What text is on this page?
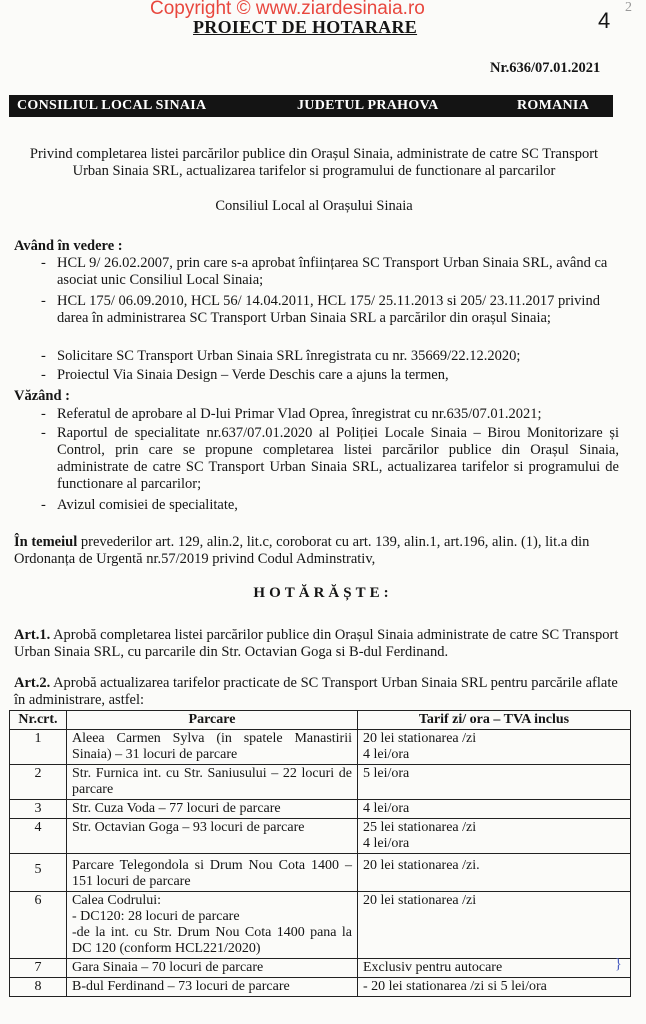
Copyright © www.ziardesinaia.ro	4
2
PROIECT DE HOTARARE
Nr.636/07.01.2021
CONSILIUL LOCAL SINAIA	JUDETUL PRAHOVA	ROMANIA
Privind completarea listei parcărilor publice din Orașul Sinaia, administrate de catre SC Transport Urban Sinaia SRL, actualizarea tarifelor si programului de functionare al parcarilor
Consiliul Local al Orașului Sinaia
Având în vedere :
- HCL 9/ 26.02.2007, prin care s-a aprobat înființarea SC Transport Urban Sinaia SRL, având ca asociat unic Consiliul Local Sinaia;
- HCL 175/ 06.09.2010, HCL 56/ 14.04.2011, HCL 175/ 25.11.2013 si 205/ 23.11.2017 privind darea în administrarea SC Transport Urban Sinaia SRL a parcărilor din orașul Sinaia;
- Solicitare SC Transport Urban Sinaia SRL înregistrata cu nr. 35669/22.12.2020;
- Proiectul Via Sinaia Design – Verde Deschis care a ajuns la termen,
Văzând :
- Referatul de aprobare al D-lui Primar Vlad Oprea, înregistrat cu nr.635/07.01.2021;
- Raportul de specialitate nr.637/07.01.2020 al Poliției Locale Sinaia – Birou Monitorizare și Control, prin care se propune completarea listei parcărilor publice din Orașul Sinaia, administrate de catre SC Transport Urban Sinaia SRL, actualizarea tarifelor si programului de functionare al parcarilor;
- Avizul comisiei de specialitate,
În temeiul prevederilor art. 129, alin.2, lit.c, coroborat cu art. 139, alin.1, art.196, alin. (1), lit.a din Ordonanța de Urgentă nr.57/2019 privind Codul Adminstrativ,
HOTĂRĂȘTE:
Art.1. Aprobă completarea listei parcărilor publice din Orașul Sinaia administrate de catre SC Transport Urban Sinaia SRL, cu parcarile din Str. Octavian Goga si B-dul Ferdinand.
Art.2. Aprobă actualizarea tarifelor practicate de SC Transport Urban Sinaia SRL pentru parcările aflate în administrare, astfel:
Nr.crt.	Parcare	Tarif zi/ ora – TVA inclus
1	Aleea Carmen Sylva (in spatele Manastirii Sinaia) – 31 locuri de parcare	20 lei stationarea /zi
4 lei/ora

2	Str. Furnica int. cu Str. Saniusului – 22 locuri de parcare	5 lei/ora

3	Str. Cuza Voda – 77 locuri de parcare	4 lei/ora

4	Str. Octavian Goga – 93 locuri de parcare	25 lei stationarea /zi
4 lei/ora

5	Parcare Telegondola si Drum Nou Cota 1400 – 151 locuri de parcare	20 lei stationarea /zi.

6	Calea Codrului:
- DC120: 28 locuri de parcare
-de la int. cu Str. Drum Nou Cota 1400 pana la DC 120 (conform HCL221/2020)	20 lei stationarea /zi

7	Gara Sinaia – 70 locuri de parcare	Exclusiv pentru autocare }

8	B-dul Ferdinand – 73 locuri de parcare	- 20 lei stationarea /zi si 5 lei/ora
